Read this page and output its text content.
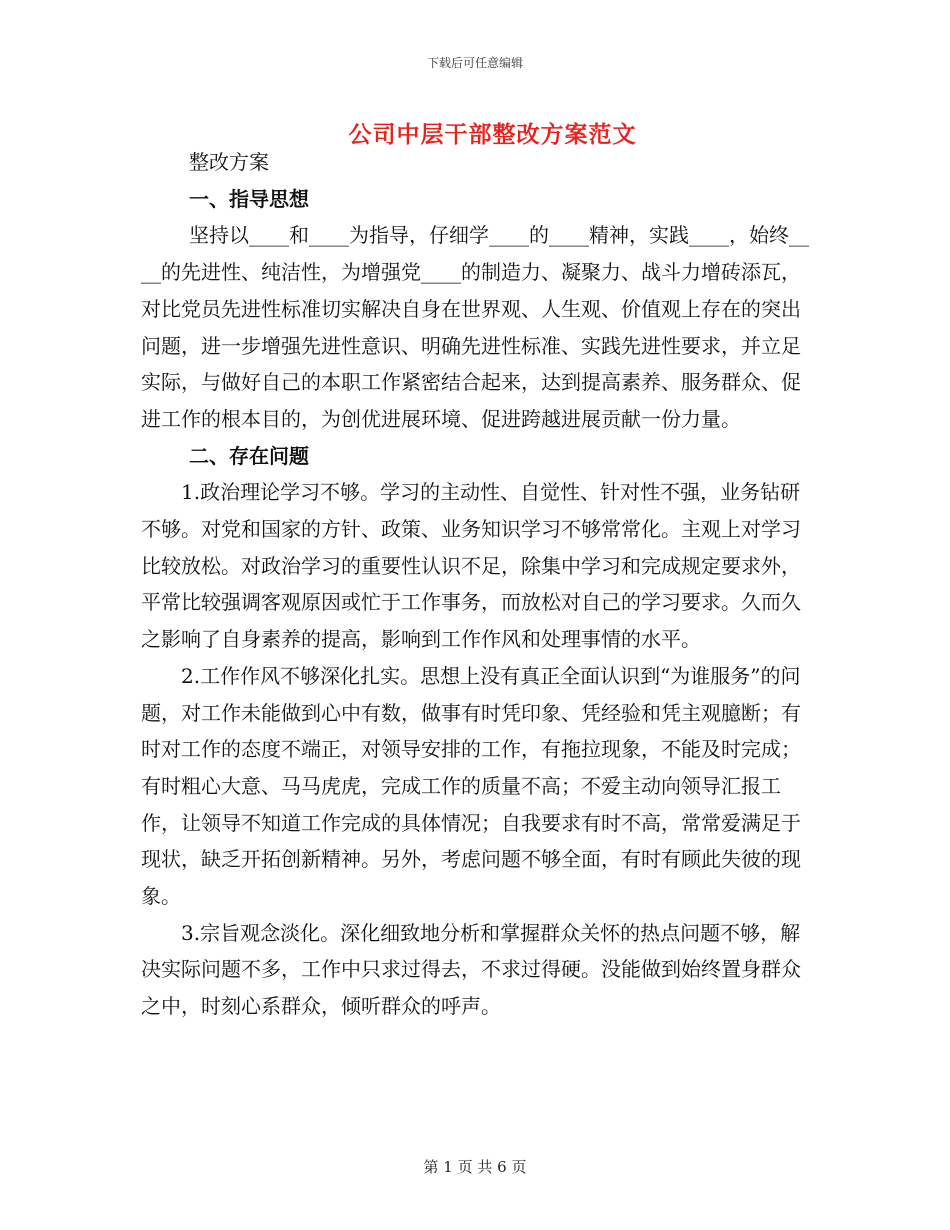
下载后可任意编辑
公司中层干部整改方案范文

整改方案

一、指导思想

坚持以____和____为指导，仔细学____的____精神，实践____，始终____的先进性、纯洁性，为增强党____的制造力、凝聚力、战斗力增砖添瓦，对比党员先进性标准切实解决自身在世界观、人生观、价值观上存在的突出问题，进一步增强先进性意识、明确先进性标准、实践先进性要求，并立足实际，与做好自己的本职工作紧密结合起来，达到提高素养、服务群众、促进工作的根本目的，为创优进展环境、促进跨越进展贡献一份力量。

二、存在问题

1.政治理论学习不够。学习的主动性、自觉性、针对性不强，业务钻研不够。对党和国家的方针、政策、业务知识学习不够常常化。主观上对学习比较放松。对政治学习的重要性认识不足，除集中学习和完成规定要求外，平常比较强调客观原因或忙于工作事务，而放松对自己的学习要求。久而久之影响了自身素养的提高，影响到工作作风和处理事情的水平。

2.工作作风不够深化扎实。思想上没有真正全面认识到“为谁服务”的问题，对工作未能做到心中有数，做事有时凭印象、凭经验和凭主观臆断；有时对工作的态度不端正，对领导安排的工作，有拖拉现象，不能及时完成；有时粗心大意、马马虎虎，完成工作的质量不高；不爱主动向领导汇报工作，让领导不知道工作完成的具体情况；自我要求有时不高，常常爱满足于现状，缺乏开拓创新精神。另外，考虑问题不够全面，有时有顾此失彼的现象。

3.宗旨观念淡化。深化细致地分析和掌握群众关怀的热点问题不够，解决实际问题不多，工作中只求过得去，不求过得硬。没能做到始终置身群众之中，时刻心系群众，倾听群众的呼声。

第 1 页 共 6 页
